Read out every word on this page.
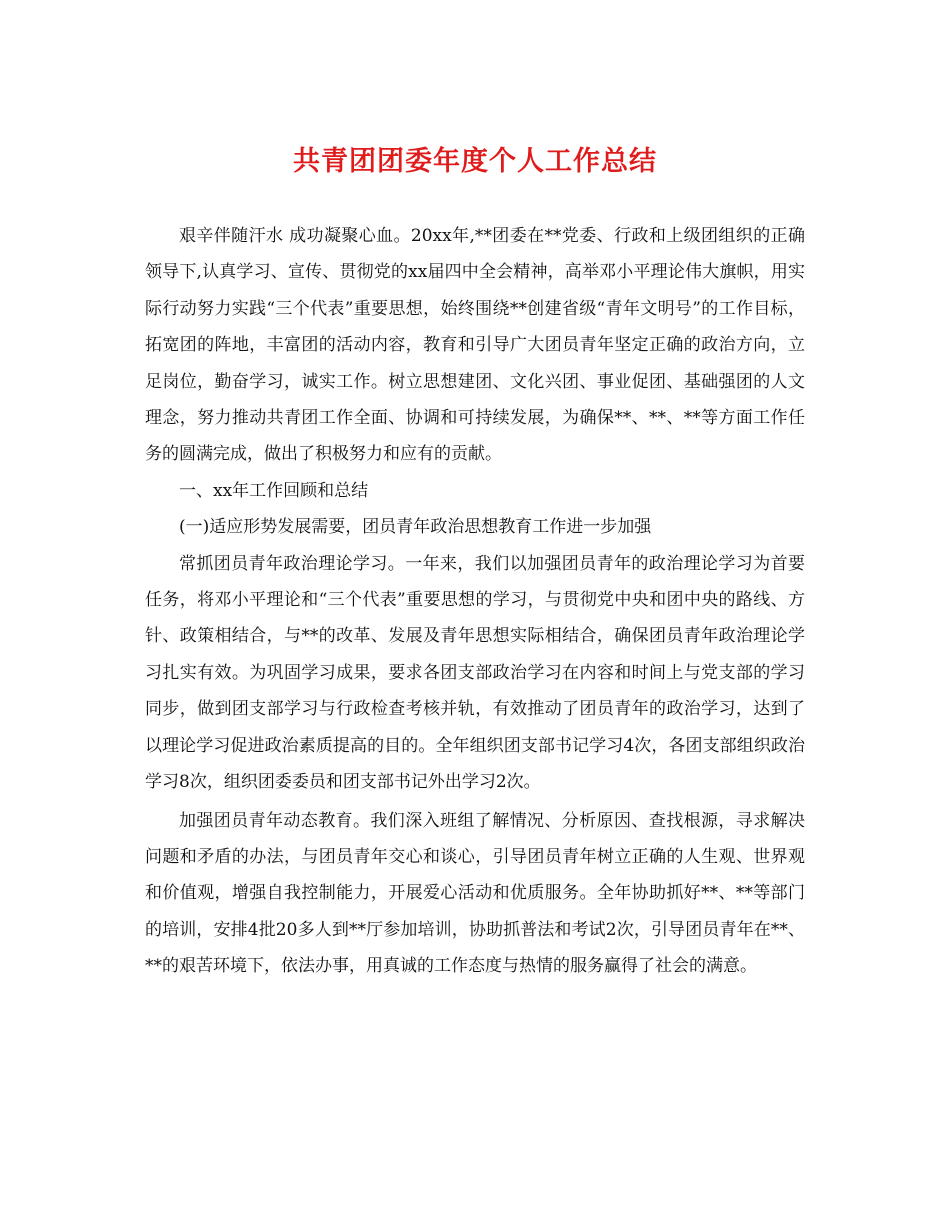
共青团团委年度个人工作总结

艰辛伴随汗水 成功凝聚心血。20xx年,**团委在**党委、行政和上级团组织的正确领导下,认真学习、宣传、贯彻党的xx届四中全会精神，高举邓小平理论伟大旗帜，用实际行动努力实践“三个代表”重要思想，始终围绕**创建省级“青年文明号”的工作目标，拓宽团的阵地，丰富团的活动内容，教育和引导广大团员青年坚定正确的政治方向，立足岗位，勤奋学习，诚实工作。树立思想建团、文化兴团、事业促团、基础强团的人文理念，努力推动共青团工作全面、协调和可持续发展，为确保**、**、**等方面工作任务的圆满完成，做出了积极努力和应有的贡献。

一、xx年工作回顾和总结

(一)适应形势发展需要，团员青年政治思想教育工作进一步加强

常抓团员青年政治理论学习。一年来，我们以加强团员青年的政治理论学习为首要任务，将邓小平理论和“三个代表”重要思想的学习，与贯彻党中央和团中央的路线、方针、政策相结合，与**的改革、发展及青年思想实际相结合，确保团员青年政治理论学习扎实有效。为巩固学习成果，要求各团支部政治学习在内容和时间上与党支部的学习同步，做到团支部学习与行政检查考核并轨，有效推动了团员青年的政治学习，达到了以理论学习促进政治素质提高的目的。全年组织团支部书记学习4次，各团支部组织政治学习8次，组织团委委员和团支部书记外出学习2次。

加强团员青年动态教育。我们深入班组了解情况、分析原因、查找根源，寻求解决问题和矛盾的办法，与团员青年交心和谈心，引导团员青年树立正确的人生观、世界观和价值观，增强自我控制能力，开展爱心活动和优质服务。全年协助抓好**、**等部门的培训，安排4批20多人到**厅参加培训，协助抓普法和考试2次，引导团员青年在**、**的艰苦环境下，依法办事，用真诚的工作态度与热情的服务赢得了社会的满意。
